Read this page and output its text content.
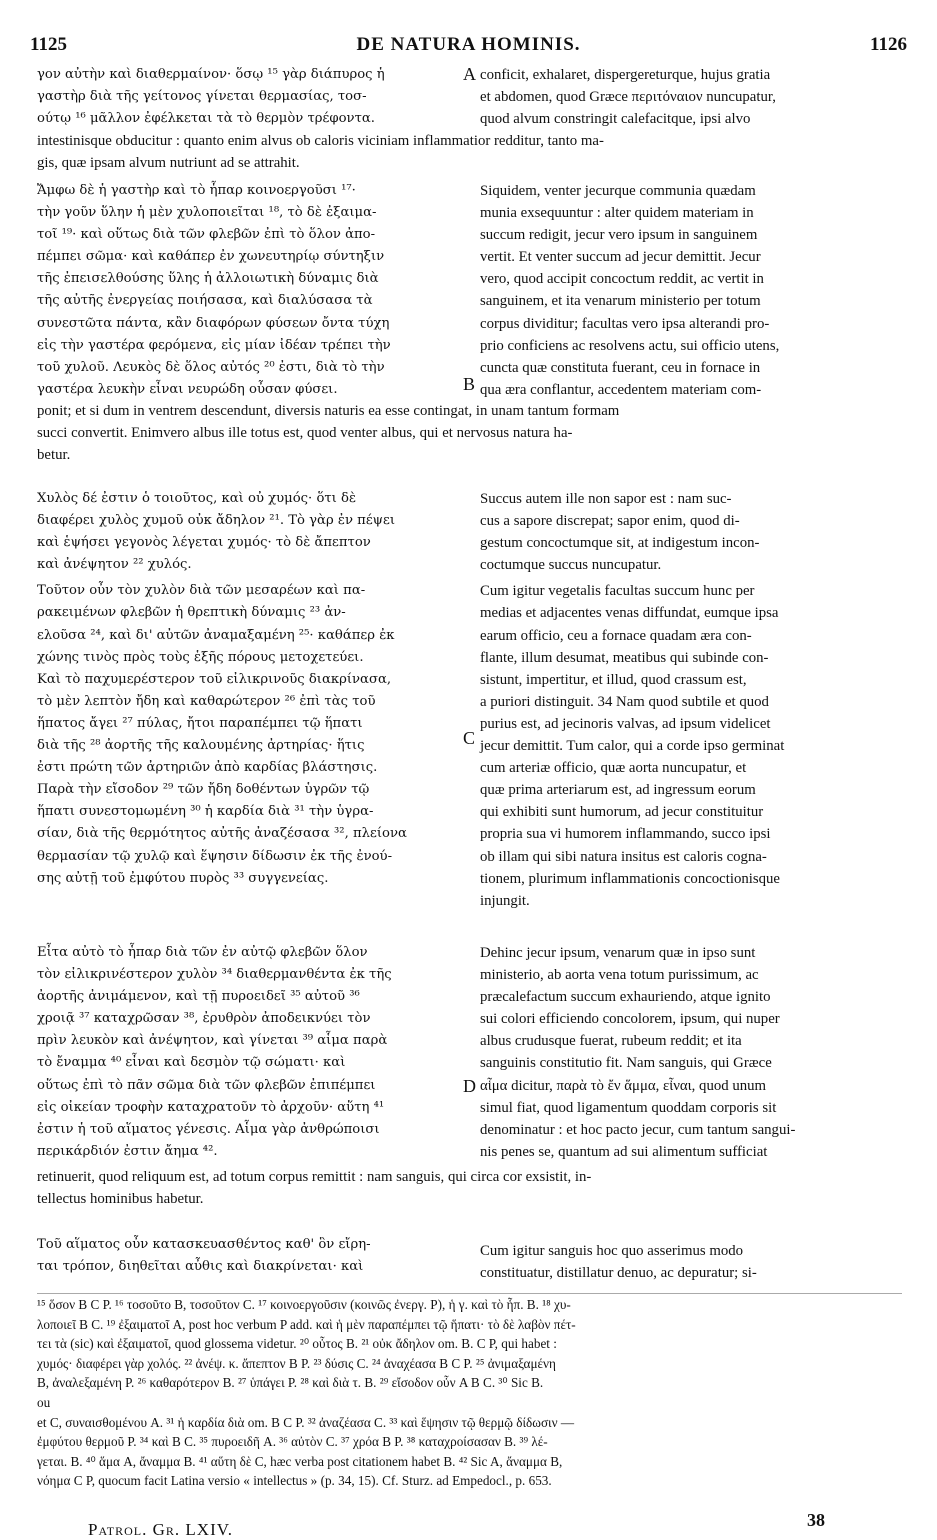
1125	DE NATURA HOMINIS.	1126

γον αὐτὴν καὶ διαθερμαίνον· ὅσῳ ¹⁵ γὰρ διάπυρος ἡ
γαστὴρ διὰ τῆς γείτονος γίνεται θερμασίας, τοσ-
ούτῳ ¹⁶ μᾶλλον ἐφέλκεται τὰ τὸ θερμὸν τρέφοντα.

conficit, exhalaret, dispergereturque, hujus gratia
et abdomen, quod Græce περιτόναιον nuncupatur,
quod alvum constringit calefacitque, ipsi alvo

intestinisque obducitur : quanto enim alvus ob caloris viciniam inflammatior redditur, tanto ma-
gis, quæ ipsam alvum nutriunt ad se attrahit.

Ἄμφω δὲ ἡ γαστὴρ καὶ τὸ ἧπαρ κοινοεργοῦσι ¹⁷·
τὴν γοῦν ὕλην ἡ μὲν χυλοποιεῖται ¹⁸, τὸ δὲ ἐξαιμα-
τοῖ ¹⁹· καὶ οὕτως διὰ τῶν φλεβῶν ἐπὶ τὸ ὅλον ἀπο-
πέμπει σῶμα· καὶ καθάπερ ἐν χωνευτηρίῳ σύντηξιν
τῆς ἐπεισελθούσης ὕλης ἡ ἀλλοιωτικὴ δύναμις διὰ
τῆς αὐτῆς ἐνεργείας ποιήσασα, καὶ διαλύσασα τὰ
συνεστῶτα πάντα, κἂν διαφόρων φύσεων ὄντα τύχη
εἰς τὴν γαστέρα φερόμενα, εἰς μίαν ἰδέαν τρέπει τὴν
τοῦ χυλοῦ. Λευκὸς δὲ ὅλος αὐτός ²⁰ ἐστι, διὰ τὸ τὴν
γαστέρα λευκὴν εἶναι νευρώδη οὖσαν φύσει.

Siquidem, venter jecurque communia quædam
munia exsequuntur : alter quidem materiam in
succum redigit, jecur vero ipsum in sanguinem
vertit. Et venter succum ad jecur demittit. Jecur
vero, quod accipit concoctum reddit, ac vertit in
sanguinem, et ita venarum ministerio per totum
corpus dividitur; facultas vero ipsa alterandi pro-
prio conficiens ac resolvens actu, sui officio utens,
cuncta quæ constituta fuerant, ceu in fornace in
qua æra conflantur, accedentem materiam com-

ponit; et si dum in ventrem descendunt, diversis naturis ea esse contingat, in unam tantum formam
succi convertit. Enimvero albus ille totus est, quod venter albus, qui et nervosus natura ha-
betur.

Χυλὸς δέ ἐστιν ὁ τοιοῦτος, καὶ οὐ χυμός· ὅτι δὲ
διαφέρει χυλὸς χυμοῦ οὐκ ἄδηλον ²¹. Τὸ γὰρ ἐν πέψει
καὶ ἑψήσει γεγονὸς λέγεται χυμός· τὸ δὲ ἄπεπτον
καὶ ἀνέψητον ²² χυλός.

Τοῦτον οὖν τὸν χυλὸν διὰ τῶν μεσαρέων καὶ πα-
ρακειμένων φλεβῶν ἡ θρεπτικὴ δύναμις ²³ ἀν-
ελοῦσα ²⁴, καὶ δι' αὐτῶν ἀναμαξαμένη ²⁵· καθάπερ ἐκ
χώνης τινὸς πρὸς τοὺς ἑξῆς πόρους μετοχετεύει.
Καὶ τὸ παχυμερέστερον τοῦ εἰλικρινοῦς διακρίνασα,
τὸ μὲν λεπτὸν ἤδη καὶ καθαρώτερον ²⁶ ἐπὶ τὰς τοῦ
ἥπατος ἄγει ²⁷ πύλας, ἤτοι παραπέμπει τῷ ἥπατι
διὰ τῆς ²⁸ ἀορτῆς τῆς καλουμένης ἀρτηρίας· ἥτις
ἐστι πρώτη τῶν ἀρτηριῶν ἀπὸ καρδίας βλάστησις.
Παρὰ τὴν εἴσοδον ²⁹ τῶν ἤδη δοθέντων ὑγρῶν τῷ
ἥπατι συνεστομωμένη ³⁰ ἡ καρδία διὰ ³¹ τὴν ὑγρα-
σίαν, διὰ τῆς θερμότητος αὐτῆς ἀναζέσασα ³², πλείονα
θερμασίαν τῷ χυλῷ καὶ ἕψησιν δίδωσιν ἐκ τῆς ἐνού-
σης αὐτῇ τοῦ ἐμφύτου πυρὸς ³³ συγγενείας.

Succus autem ille non sapor est : nam suc-
cus a sapore discrepat; sapor enim, quod di-
gestum concoctumque sit, at indigestum incon-
coctumque succus nuncupatur.

Cum igitur vegetalis facultas succum hunc per
medias et adjacentes venas diffundat, eumque ipsa
earum officio, ceu a fornace quadam æra con-
flante, illum desumat, meatibus qui subinde con-
sistunt, impertitur, et illud, quod crassum est,
a puriori distinguit. 34 Nam quod subtile et quod
purius est, ad jecinoris valvas, ad ipsum videlicet
jecur demittit. Tum calor, qui a corde ipso germinat
cum arteriæ officio, quæ aorta nuncupatur, et
quæ prima arteriarum est, ad ingressum eorum
qui exhibiti sunt humorum, ad jecur constituitur
propria sua vi humorem inflammando, succo ipsi
ob illam qui sibi natura insitus est caloris cogna-
tionem, plurimum inflammationis concoctionisque
injungit.

Εἶτα αὐτὸ τὸ ἧπαρ διὰ τῶν ἐν αὐτῷ φλεβῶν ὅλον
τὸν εἰλικρινέστερον χυλὸν ³⁴ διαθερμανθέντα ἐκ τῆς
ἀορτῆς ἀνιμάμενον, καὶ τῇ πυροειδεῖ ³⁵ αὐτοῦ ³⁶
χροιᾷ ³⁷ καταχρῶσαν ³⁸, ἐρυθρὸν ἀποδεικνύει τὸν
πρὶν λευκὸν καὶ ἀνέψητον, καὶ γίνεται ³⁹ αἷμα παρὰ
τὸ ἔναμμα ⁴⁰ εἶναι καὶ δεσμὸν τῷ σώματι· καὶ
οὕτως ἐπὶ τὸ πᾶν σῶμα διὰ τῶν φλεβῶν ἐπιπέμπει
εἰς οἰκείαν τροφὴν καταχρατοῦν τὸ ἀρχοῦν· αὕτη ⁴¹
ἐστιν ἡ τοῦ αἵματος γένεσις. Αἷμα γὰρ ἀνθρώποισι
περικάρδιόν ἐστιν ἄημα ⁴².

Dehinc jecur ipsum, venarum quæ in ipso sunt
ministerio, ab aorta vena totum purissimum, ac
præcalefactum succum exhauriendo, atque ignito
sui colori efficiendo concolorem, ipsum, qui nuper
albus crudusque fuerat, rubeum reddit; et ita
sanguinis constitutio fit. Nam sanguis, qui Græce
αἷμα dicitur, παρὰ τὸ ἔν ἅμμα, εἶναι, quod unum
simul fiat, quod ligamentum quoddam corporis sit
denominatur : et hoc pacto jecur, cum tantum sangui-
nis penes se, quantum ad sui alimentum sufficiat

retinuerit, quod reliquum est, ad totum corpus remittit : nam sanguis, qui circa cor exsistit, in-
tellectus hominibus habetur.

Τοῦ αἵματος οὖν κατασκευασθέντος καθ' ὃν εἴρη-
ται τρόπον, διηθεῖται αὖθις καὶ διακρίνεται· καὶ

Cum igitur sanguis hoc quo asserimus modo
constituatur, distillatur denuo, ac depuratur; si-

A
B
C
D

¹⁵ ὅσον B C P. ¹⁶ τοσοῦτο B, τοσοῦτον C. ¹⁷ κοινοεργοῦσιν (κοινῶς ἐνεργ. P), ἡ γ. καὶ τὸ ἧπ. B. ¹⁸ χυ-
λοποιεῖ B C. ¹⁹ ἐξαιματοῖ A, post hoc verbum P add. καὶ ἡ μὲν παραπέμπει τῷ ἥπατι· τὸ δὲ λαβὸν πέτ-
τει τὰ (sic) καὶ ἐξαιματοῖ, quod glossema videtur. ²⁰ οὗτος B. ²¹ οὐκ ἄδηλον om. B. C P, qui habet :
χυμός· διαφέρει γὰρ χολός. ²² ἀνέψ. κ. ἄπεπτον B P. ²³ δύσις C. ²⁴ ἀναχέασα B C P. ²⁵ ἀνιμαξαμένη
B, ἀναλεξαμένη P. ²⁶ καθαρότερον B. ²⁷ ὑπάγει P. ²⁸ καὶ διὰ τ. B. ²⁹ εἴσοδον οὖν A B C. ³⁰ Sic B.
ou
et C, συναισθομένου A. ³¹ ἡ καρδία διὰ om. B C P. ³² ἀναζέασα C. ³³ καὶ ἕψησιν τῷ θερμῷ δίδωσιν —
ἐμφύτου θερμοῦ P. ³⁴ καὶ B C. ³⁵ πυροειδῆ A. ³⁶ αὐτὸν C. ³⁷ χρόα B P. ³⁸ καταχροίσασαν B. ³⁹ λέ-
γεται. B. ⁴⁰ ἅμα A, ἄναμμα B. ⁴¹ αὕτη δὲ C, hæc verba post citationem habet B. ⁴² Sic A, ἄναμμα B,
νόημα C P, quocum facit Latina versio « intellectus » (p. 34, 15). Cf. Sturz. ad Empedocl., p. 653.

Patrol. Gr. LXIV.	38
